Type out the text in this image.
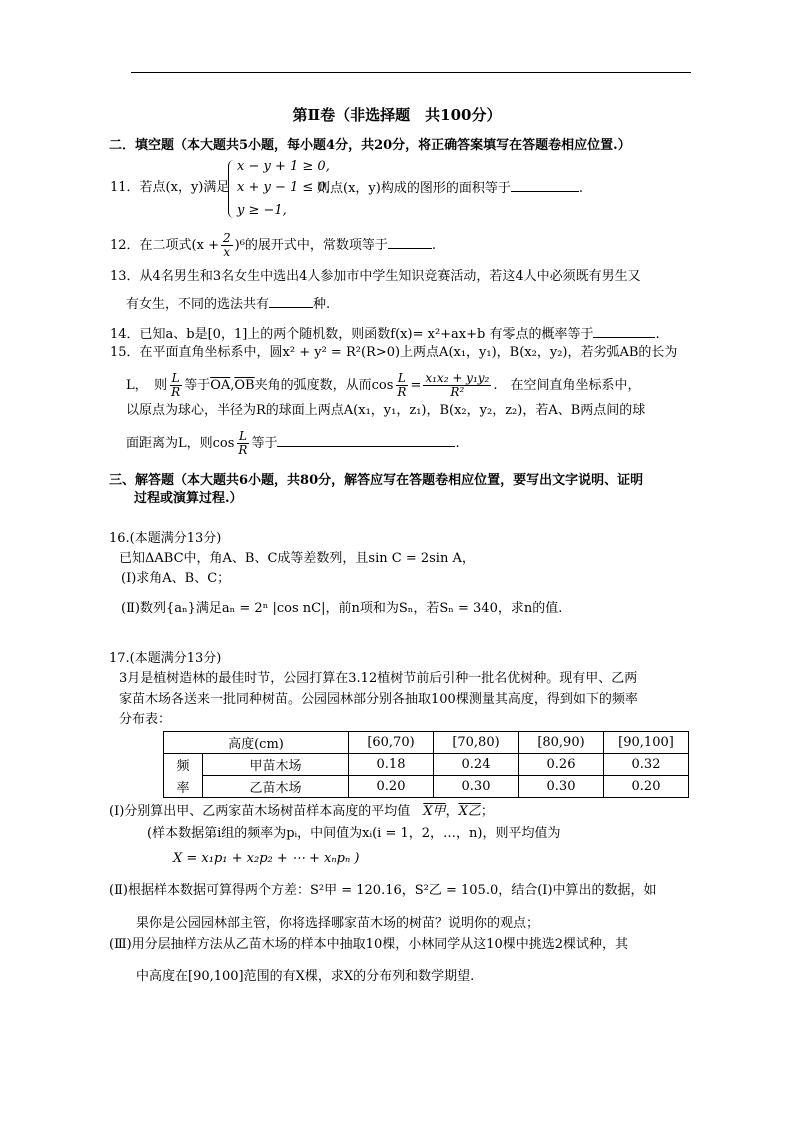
第Ⅱ卷（非选择题　共100分）
二．填空题（本大题共5小题，每小题4分，共20分，将正确答案填写在答题卷相应位置.）
11．若点(x，y)满足
x − y + 1 ≥ 0,
x + y − 1 ≤ 0,
y ≥ −1,
则点(x，y)构成的图形的面积等于	.
12．在二项式$(x + \frac{2}{x} )^6$的展开式中，常数项等于	.
13．从4名男生和3名女生中选出4人参加市中学生知识竞赛活动，若这4人中必须既有男生又
有女生，不同的选法共有	种.
14．已知a、b是[0，1]上的两个随机数，则函数f(x)= x²+ax+b 有零点的概率等于	.
15．在平面直角坐标系中，圆x² + y² = R²(R>0)上两点A(x₁，y₁)，B(x₂，y₂)，若劣弧AB的长为
L，　则 $\frac{L}{R}$ 等于$\overline{OA},\overline{OB}$夹角的弧度数，从而$\cos \frac{L}{R} = \frac{\text{x₁x₂ + y₁y₂}}{\text{R²}}$ .　在空间直角坐标系中，
以原点为球心，半径为R的球面上两点A(x₁，y₁，z₁)，B(x₂，y₂，z₂)，若A、B两点间的球
面距离为L，则$\cos \frac{L}{R}$ 等于	.
三、解答题（本大题共6小题，共80分，解答应写在答题卷相应位置，要写出文字说明、证明
过程或演算过程.）
16.(本题满分13分)
已知ΔABC中，角A、B、C成等差数列，且sin C = 2sin A，
(Ⅰ)求角A、B、C；
(Ⅱ)数列{aₙ}满足aₙ = 2ⁿ |cos nC|，前n项和为Sₙ，若Sₙ = 340，求n的值.
17.(本题满分13分)
3月是植树造林的最佳时节，公园打算在3.12植树节前后引种一批名优树种。现有甲、乙两
家苗木场各送来一批同种树苗。公园园林部分别各抽取100棵测量其高度，得到如下的频率
分布表：
高度(cm)		[60,70)	[70,80)	[80,90)	[90,100]
频	甲苗木场	0.18	0.24	0.26	0.32
率	乙苗木场	0.20	0.30	0.30	0.20
(Ⅰ)分别算出甲、乙两家苗木场树苗样本高度的平均值　 X甲，X乙；
(样本数据第i组的频率为pᵢ，中间值为xᵢ(i = 1，2，…，n)，则平均值为
X = x₁p₁ + x₂p₂ + ⋯ + xₙpₙ )
(Ⅱ)根据样本数据可算得两个方差：S²甲 = 120.16，S²乙 = 105.0，结合(Ⅰ)中算出的数据，如
果你是公园园林部主管，你将选择哪家苗木场的树苗？说明你的观点；
(Ⅲ)用分层抽样方法从乙苗木场的样本中抽取10棵，小林同学从这10棵中挑选2棵试种，其
中高度在[90,100]范围的有X棵，求X的分布列和数学期望.
